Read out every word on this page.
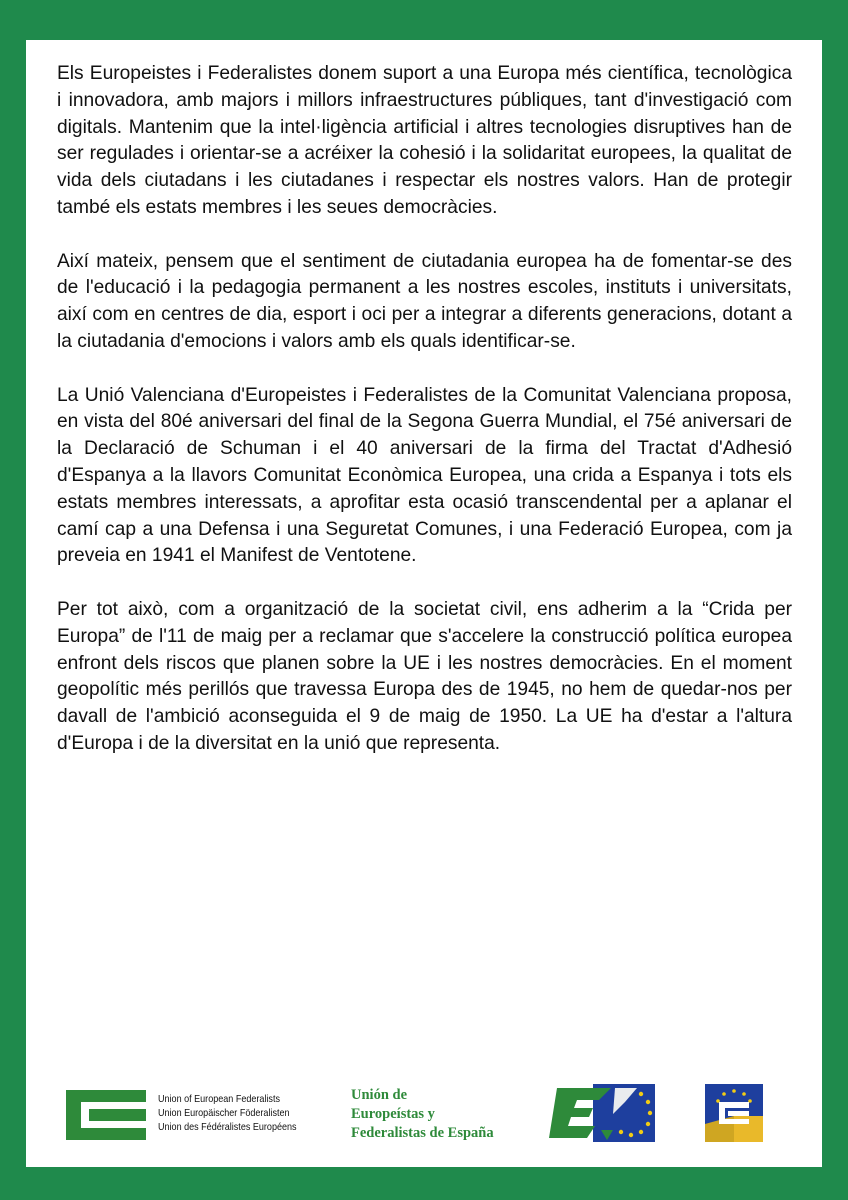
Els Europeistes i Federalistes donem suport a una Europa més científica, tecnològica i innovadora, amb majors i millors infraestructures públiques, tant d'investigació com digitals. Mantenim que la intel·ligència artificial i altres tecnologies disruptives han de ser regulades i orientar-se a acréixer la cohesió i la solidaritat europees, la qualitat de vida dels ciutadans i les ciutadanes i respectar els nostres valors. Han de protegir també els estats membres i les seues democràcies.

Així mateix, pensem que el sentiment de ciutadania europea ha de fomentar-se des de l'educació i la pedagogia permanent a les nostres escoles, instituts i universitats, així com en centres de dia, esport i oci per a integrar a diferents generacions, dotant a la ciutadania d'emocions i valors amb els quals identificar-se.

La Unió Valenciana d'Europeistes i Federalistes de la Comunitat Valenciana proposa, en vista del 80é aniversari del final de la Segona Guerra Mundial, el 75é aniversari de la Declaració de Schuman i el 40 aniversari de la firma del Tractat d'Adhesió d'Espanya a la llavors Comunitat Econòmica Europea, una crida a Espanya i tots els estats membres interessats, a aprofitar esta ocasió transcendental per a aplanar el camí cap a una Defensa i una Seguretat Comunes, i una Federació Europea, com ja preveia en 1941 el Manifest de Ventotene.

Per tot això, com a organització de la societat civil, ens adherim a la “Crida per Europa” de l'11 de maig per a reclamar que s'accelere la construcció política europea enfront dels riscos que planen sobre la UE i les nostres democràcies. En el moment geopolític més perillós que travessa Europa des de 1945, no hem de quedar-nos per davall de l'ambició aconseguida el 9 de maig de 1950. La UE ha d'estar a l'altura d'Europa i de la diversitat en la unió que representa.

Union of European Federalists
Union Europäischer Föderalisten
Union des Fédéralistes Européens
Unión de
Europeístas y
Federalistas de España
